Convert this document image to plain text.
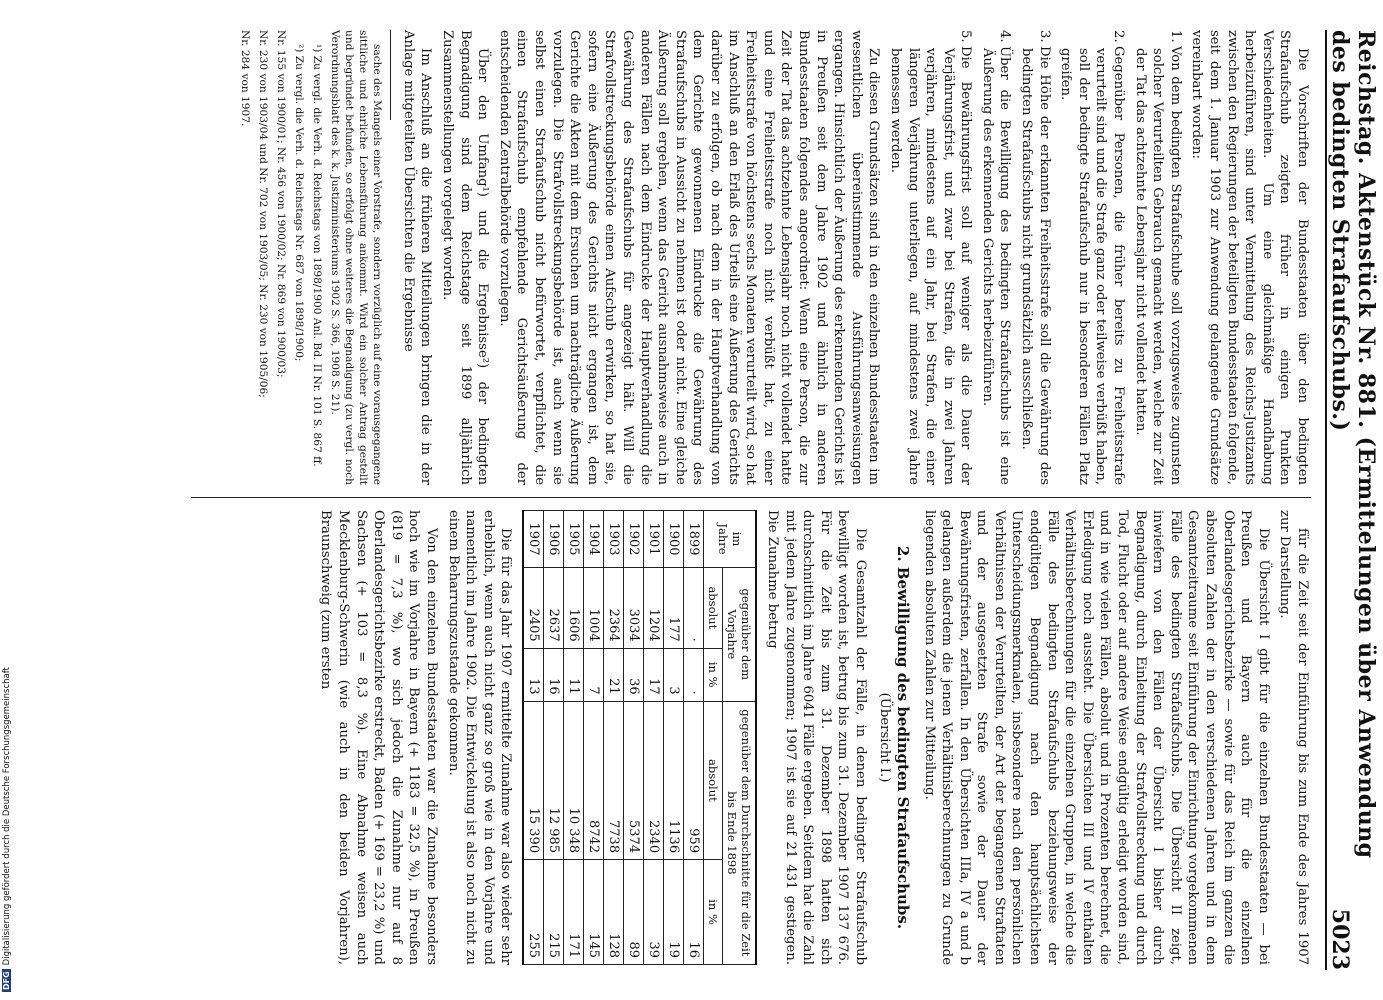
DFGDigitalisierung gefördert durch die Deutsche Forschungsgemeinschaft	Reichstag. Aktenstück Nr. 881. (Ermittelungen über Anwendung des bedingten Strafaufschubs.)
5023

Die Vorschriften der Bundesstaaten über den bedingten Strafaufschub zeigten früher in einigen Punkten Verschiedenheiten. Um eine gleichmäßige Handhabung herbeizuführen, sind unter Vermittelung des Reichs-Justizamts zwischen den Regierungen der beteiligten Bundesstaaten folgende, seit dem 1. Januar 1903 zur Anwendung gelangende Grundsätze vereinbart worden:

1.Von dem bedingten Strafaufschube soll vorzugsweise zugunsten solcher Verurteilten Gebrauch gemacht werden, welche zur Zeit der Tat das achtzehnte Lebensjahr nicht vollendet hatten.

2.Gegenüber Personen, die früher bereits zu Freiheitsstrafe verurteilt sind und die Strafe ganz oder teilweise verbüßt haben, soll der bedingte Strafaufschub nur in besonderen Fällen Platz greifen.

3.Die Höhe der erkannten Freiheitsstrafe soll die Gewährung des bedingten Strafaufschubs nicht grundsätzlich ausschließen.

4.Über die Bewilligung des bedingten Strafaufschubs ist eine Äußerung des erkennenden Gerichts herbeizuführen.

5.Die Bewährungsfrist soll auf weniger als die Dauer der Verjährungsfrist, und zwar bei Strafen, die in zwei Jahren verjähren, mindestens auf ein Jahr, bei Strafen, die einer längeren Verjährung unterliegen, auf mindestens zwei Jahre bemessen werden.

Zu diesen Grundsätzen sind in den einzelnen Bundesstaaten im wesentlichen übereinstimmende Ausführungsanweisungen ergangen. Hinsichtlich der Äußerung des erkennenden Gerichts ist in Preußen seit dem Jahre 1902 und ähnlich in anderen Bundesstaaten folgendes angeordnet: Wenn eine Person, die zur Zeit der Tat das achtzehnte Lebensjahr noch nicht vollendet hatte und eine Freiheitsstrafe noch nicht verbüßt hat, zu einer Freiheitsstrafe von höchstens sechs Monaten verurteilt wird, so hat im Anschluß an den Erlaß des Urteils eine Äußerung des Gerichts darüber zu erfolgen, ob nach dem in der Hauptverhandlung von dem Gerichte gewonnenen Eindrucke die Gewährung des Strafaufschubs in Aussicht zu nehmen ist oder nicht. Eine gleiche Äußerung soll ergehen, wenn das Gericht ausnahmsweise auch in anderen Fällen nach dem Eindrucke der Hauptverhandlung die Gewährung des Strafaufschubs für angezeigt hält. Will die Strafvollstreckungsbehörde einen Aufschub erwirken, so hat sie, sofern eine Äußerung des Gerichts nicht ergangen ist, dem Gerichte die Akten mit dem Ersuchen um nachträgliche Äußerung vorzulegen. Die Strafvollstreckungsbehörde ist, auch wenn sie selbst einen Strafaufschub nicht befürwortet, verpflichtet, die einen Strafaufschub empfehlende Gerichtsäußerung der entscheidenden Zentralbehörde vorzulegen.

Über den Umfang¹) und die Ergebnisse²) der bedingten Begnadigung sind dem Reichstage seit 1899 alljährlich Zusammenstellungen vorgelegt worden.

Im Anschluß an die früheren Mitteilungen bringen die in der Anlage mitgeteilten Übersichten die Ergebnisse

sache des Mangels einer Vorstrafe, sondern vorzüglich auf eine vorausgegangene sittliche und ehrliche Lebensführung ankommt. Wird ein solcher Antrag gestellt und begründet befunden, so erfolgt ohne weiteres die Begnadigung (zu vergl. noch Verordnungsblatt des k. k. Justizministeriums 1902 S. 366, 1908 S. 21).

¹) Zu vergl. die Verh. d. Reichstags von 1898/1900 Anl. Bd. II Nr. 101 S. 867 ff.

²) Zu vergl. die Verh. d. Reichstags Nr. 687 von 1898/1900;

Nr. 155 von 1900/01; Nr. 456 von 1900/02; Nr. 869 von 1900/03;

Nr. 230 von 1903/04 und Nr. 702 von 1903/05; Nr. 230 von 1905/06;

Nr. 284 von 1907.

für die Zeit seit der Einführung bis zum Ende des Jahres 1907 zur Darstellung.

Die Übersicht I gibt für die einzelnen Bundesstaaten — bei Preußen und Bayern auch für die einzelnen Oberlandesgerichtsbezirke — sowie für das Reich im ganzen die absoluten Zahlen der in den verschiedenen Jahren und in dem Gesamtzeitraume seit Einführung der Einrichtung vorgekommenen Fälle des bedingten Strafaufschubs. Die Übersicht II zeigt, inwiefern von den Fällen der Übersicht I bisher durch Begnadigung, durch Einleitung der Strafvollstreckung und durch Tod, Flucht oder auf andere Weise endgültig erledigt worden sind, und in wie vielen Fällen, absolut und in Prozenten berechnet, die Erledigung noch aussteht. Die Übersichten III und IV enthalten Verhältnisberechnungen für die einzelnen Gruppen, in welche die Fälle des bedingten Strafaufschubs beziehungsweise der endgültigen Begnadigung nach den hauptsächlichsten Unterscheidungsmerkmalen, insbesondere nach den persönlichen Verhältnissen der Verurteilten, der Art der begangenen Straftaten und der ausgesetzten Strafe sowie der Dauer der Bewährungsfristen, zerfallen. In den Übersichten IIIa, IV a und b gelangen außerdem die jenen Verhältnisberechnungen zu Grunde liegenden absoluten Zahlen zur Mitteilung.

2. Bewilligung des bedingten Strafaufschubs.
(Übersicht I.)

Die Gesamtzahl der Fälle, in denen bedingter Strafaufschub bewilligt worden ist, betrug bis zum 31. Dezember 1907 137 676. Für die Zeit bis zum 31. Dezember 1898 hatten sich durchschnittlich im Jahre 6041 Fälle ergeben. Seitdem hat die Zahl mit jedem Jahre zugenommen; 1907 ist sie auf 21 431 gestiegen. Die Zunahme betrug

im Jahre	gegenüber dem Vorjahre		gegenüber dem Durchschnitte für die Zeit bis Ende 1898	
	absolut	in %	absolut	in %
1899	·	·	959	16
1900	177	3	1136	19
1901	1204	17	2340	39
1902	3034	36	5374	89
1903	2364	21	7738	128
1904	1004	7	8742	145
1905	1606	11	10 348	171
1906	2637	16	12 985	215
1907	2405	13	15 390	255

Die für das Jahr 1907 ermittelte Zunahme war also wieder sehr erheblich, wenn auch nicht ganz so groß wie in den Vorjahre und namentlich im Jahre 1902. Die Entwickelung ist also noch nicht zu einem Beharrungszustande gekommen.

Von den einzelnen Bundesstaaten war die Zunahme besonders hoch wie im Vorjahre in Bayern (+ 1183 = 32,5 %), in Preußen (819 = 7,3 %), wo sich jedoch die Zunahme nur auf 8 Oberlandesgerichtsbezirke erstreckt, Baden (+ 169 = 23,2 %) und Sachsen (+ 103 = 8,3 %). Eine Abnahme weisen auch Mecklenburg-Schwerin (wie auch in den beiden Vorjahren), Braunschweig (zum ersten
